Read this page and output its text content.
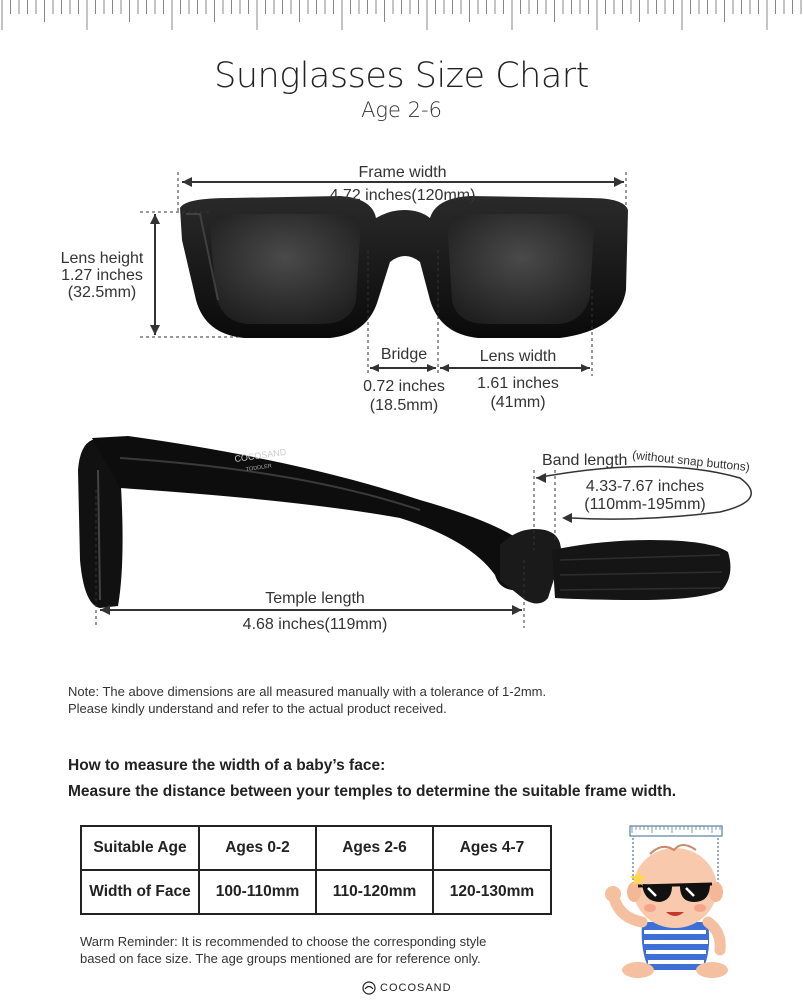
Sunglasses Size Chart
Age 2-6
Frame width
4.72 inches(120mm)
Lens height
1.27 inches
(32.5mm)
Bridge
0.72 inches
(18.5mm)
Lens width
1.61 inches
(41mm)
COCOSAND
TODDLER	Band length (without snap buttons)
4.33-7.67 inches
(110mm-195mm)
Temple length
4.68 inches(119mm)
Note: The above dimensions are all measured manually with a tolerance of 1-2mm.
Please kindly understand and refer to the actual product received.
How to measure the width of a baby’s face:
Measure the distance between your temples to determine the suitable frame width.
Suitable Age	Ages 0-2	Ages 2-6	Ages 4-7
Width of Face	100-110mm	110-120mm	120-130mm
Warm Reminder: It is recommended to choose the corresponding style
based on face size. The age groups mentioned are for reference only.
COCOSAND
